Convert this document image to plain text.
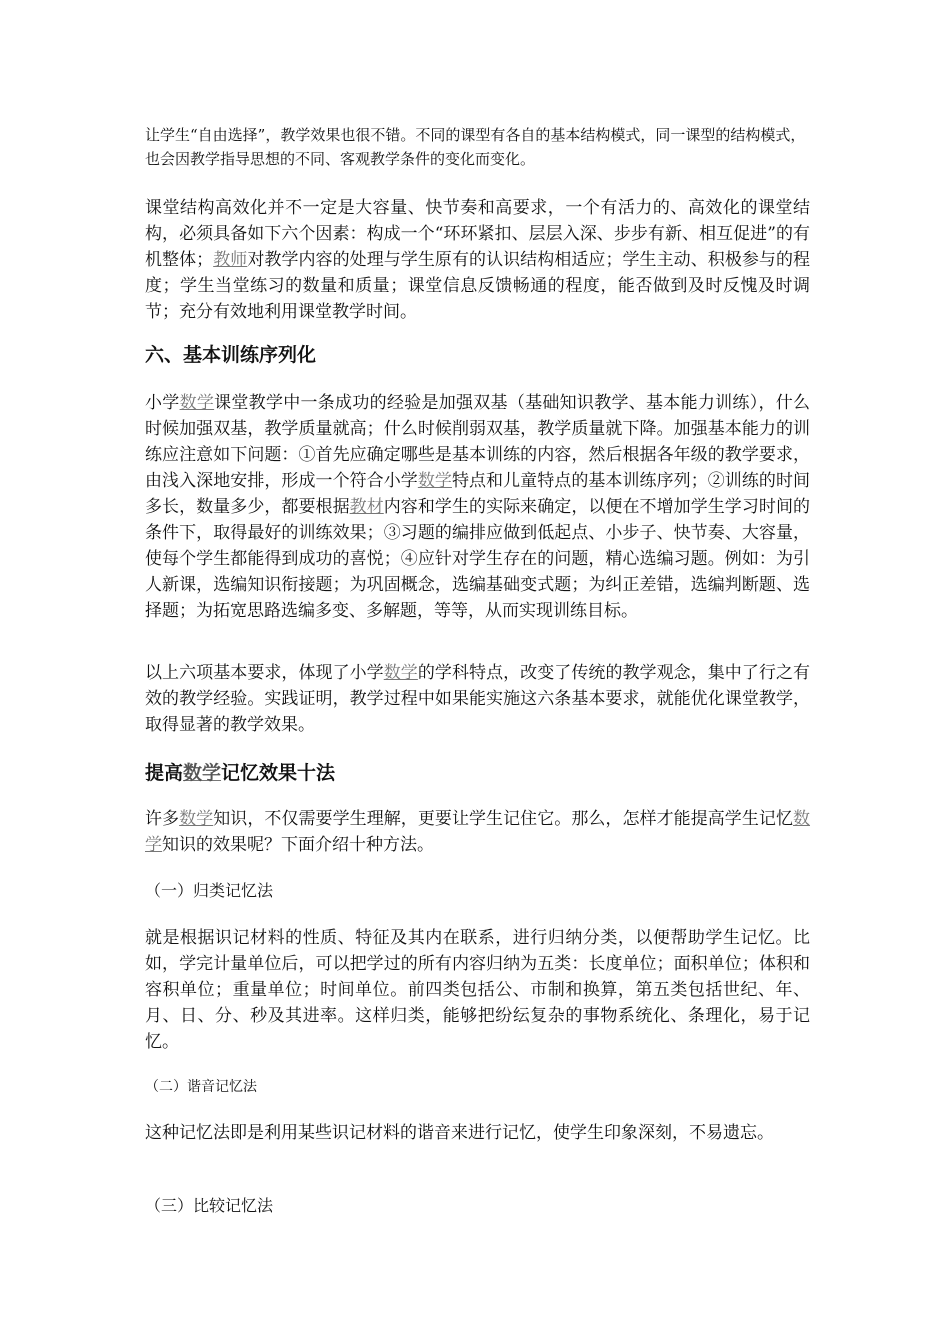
让学生“自由选择”，教学效果也很不错。不同的课型有各自的基本结构模式，同一课型的结构模式，也会因教学指导思想的不同、客观教学条件的变化而变化。

课堂结构高效化并不一定是大容量、快节奏和高要求，一个有活力的、高效化的课堂结构，必须具备如下六个因素：构成一个“环环紧扣、层层入深、步步有新、相互促进”的有机整体；教师对教学内容的处理与学生原有的认识结构相适应；学生主动、积极参与的程度；学生当堂练习的数量和质量；课堂信息反馈畅通的程度，能否做到及时反愧及时调节；充分有效地利用课堂教学时间。

六、基本训练序列化

小学数学课堂教学中一条成功的经验是加强双基（基础知识教学、基本能力训练），什么时候加强双基，教学质量就高；什么时候削弱双基，教学质量就下降。加强基本能力的训练应注意如下问题：①首先应确定哪些是基本训练的内容，然后根据各年级的教学要求，由浅入深地安排，形成一个符合小学数学特点和儿童特点的基本训练序列；②训练的时间多长，数量多少，都要根据教材内容和学生的实际来确定，以便在不增加学生学习时间的条件下，取得最好的训练效果；③习题的编排应做到低起点、小步子、快节奏、大容量，使每个学生都能得到成功的喜悦；④应针对学生存在的问题，精心选编习题。例如：为引人新课，选编知识衔接题；为巩固概念，选编基础变式题；为纠正差错，选编判断题、选择题；为拓宽思路选编多变、多解题，等等，从而实现训练目标。

以上六项基本要求，体现了小学数学的学科特点，改变了传统的教学观念，集中了行之有效的教学经验。实践证明，教学过程中如果能实施这六条基本要求，就能优化课堂教学，取得显著的教学效果。

提高数学记忆效果十法

许多数学知识，不仅需要学生理解，更要让学生记住它。那么，怎样才能提高学生记忆数学知识的效果呢？下面介绍十种方法。

（一）归类记忆法

就是根据识记材料的性质、特征及其内在联系，进行归纳分类，以便帮助学生记忆。比如，学完计量单位后，可以把学过的所有内容归纳为五类：长度单位；面积单位；体积和容积单位；重量单位；时间单位。前四类包括公、市制和换算，第五类包括世纪、年、月、日、分、秒及其进率。这样归类，能够把纷纭复杂的事物系统化、条理化，易于记忆。

（二）谐音记忆法

这种记忆法即是利用某些识记材料的谐音来进行记忆，使学生印象深刻，不易遗忘。

（三）比较记忆法
